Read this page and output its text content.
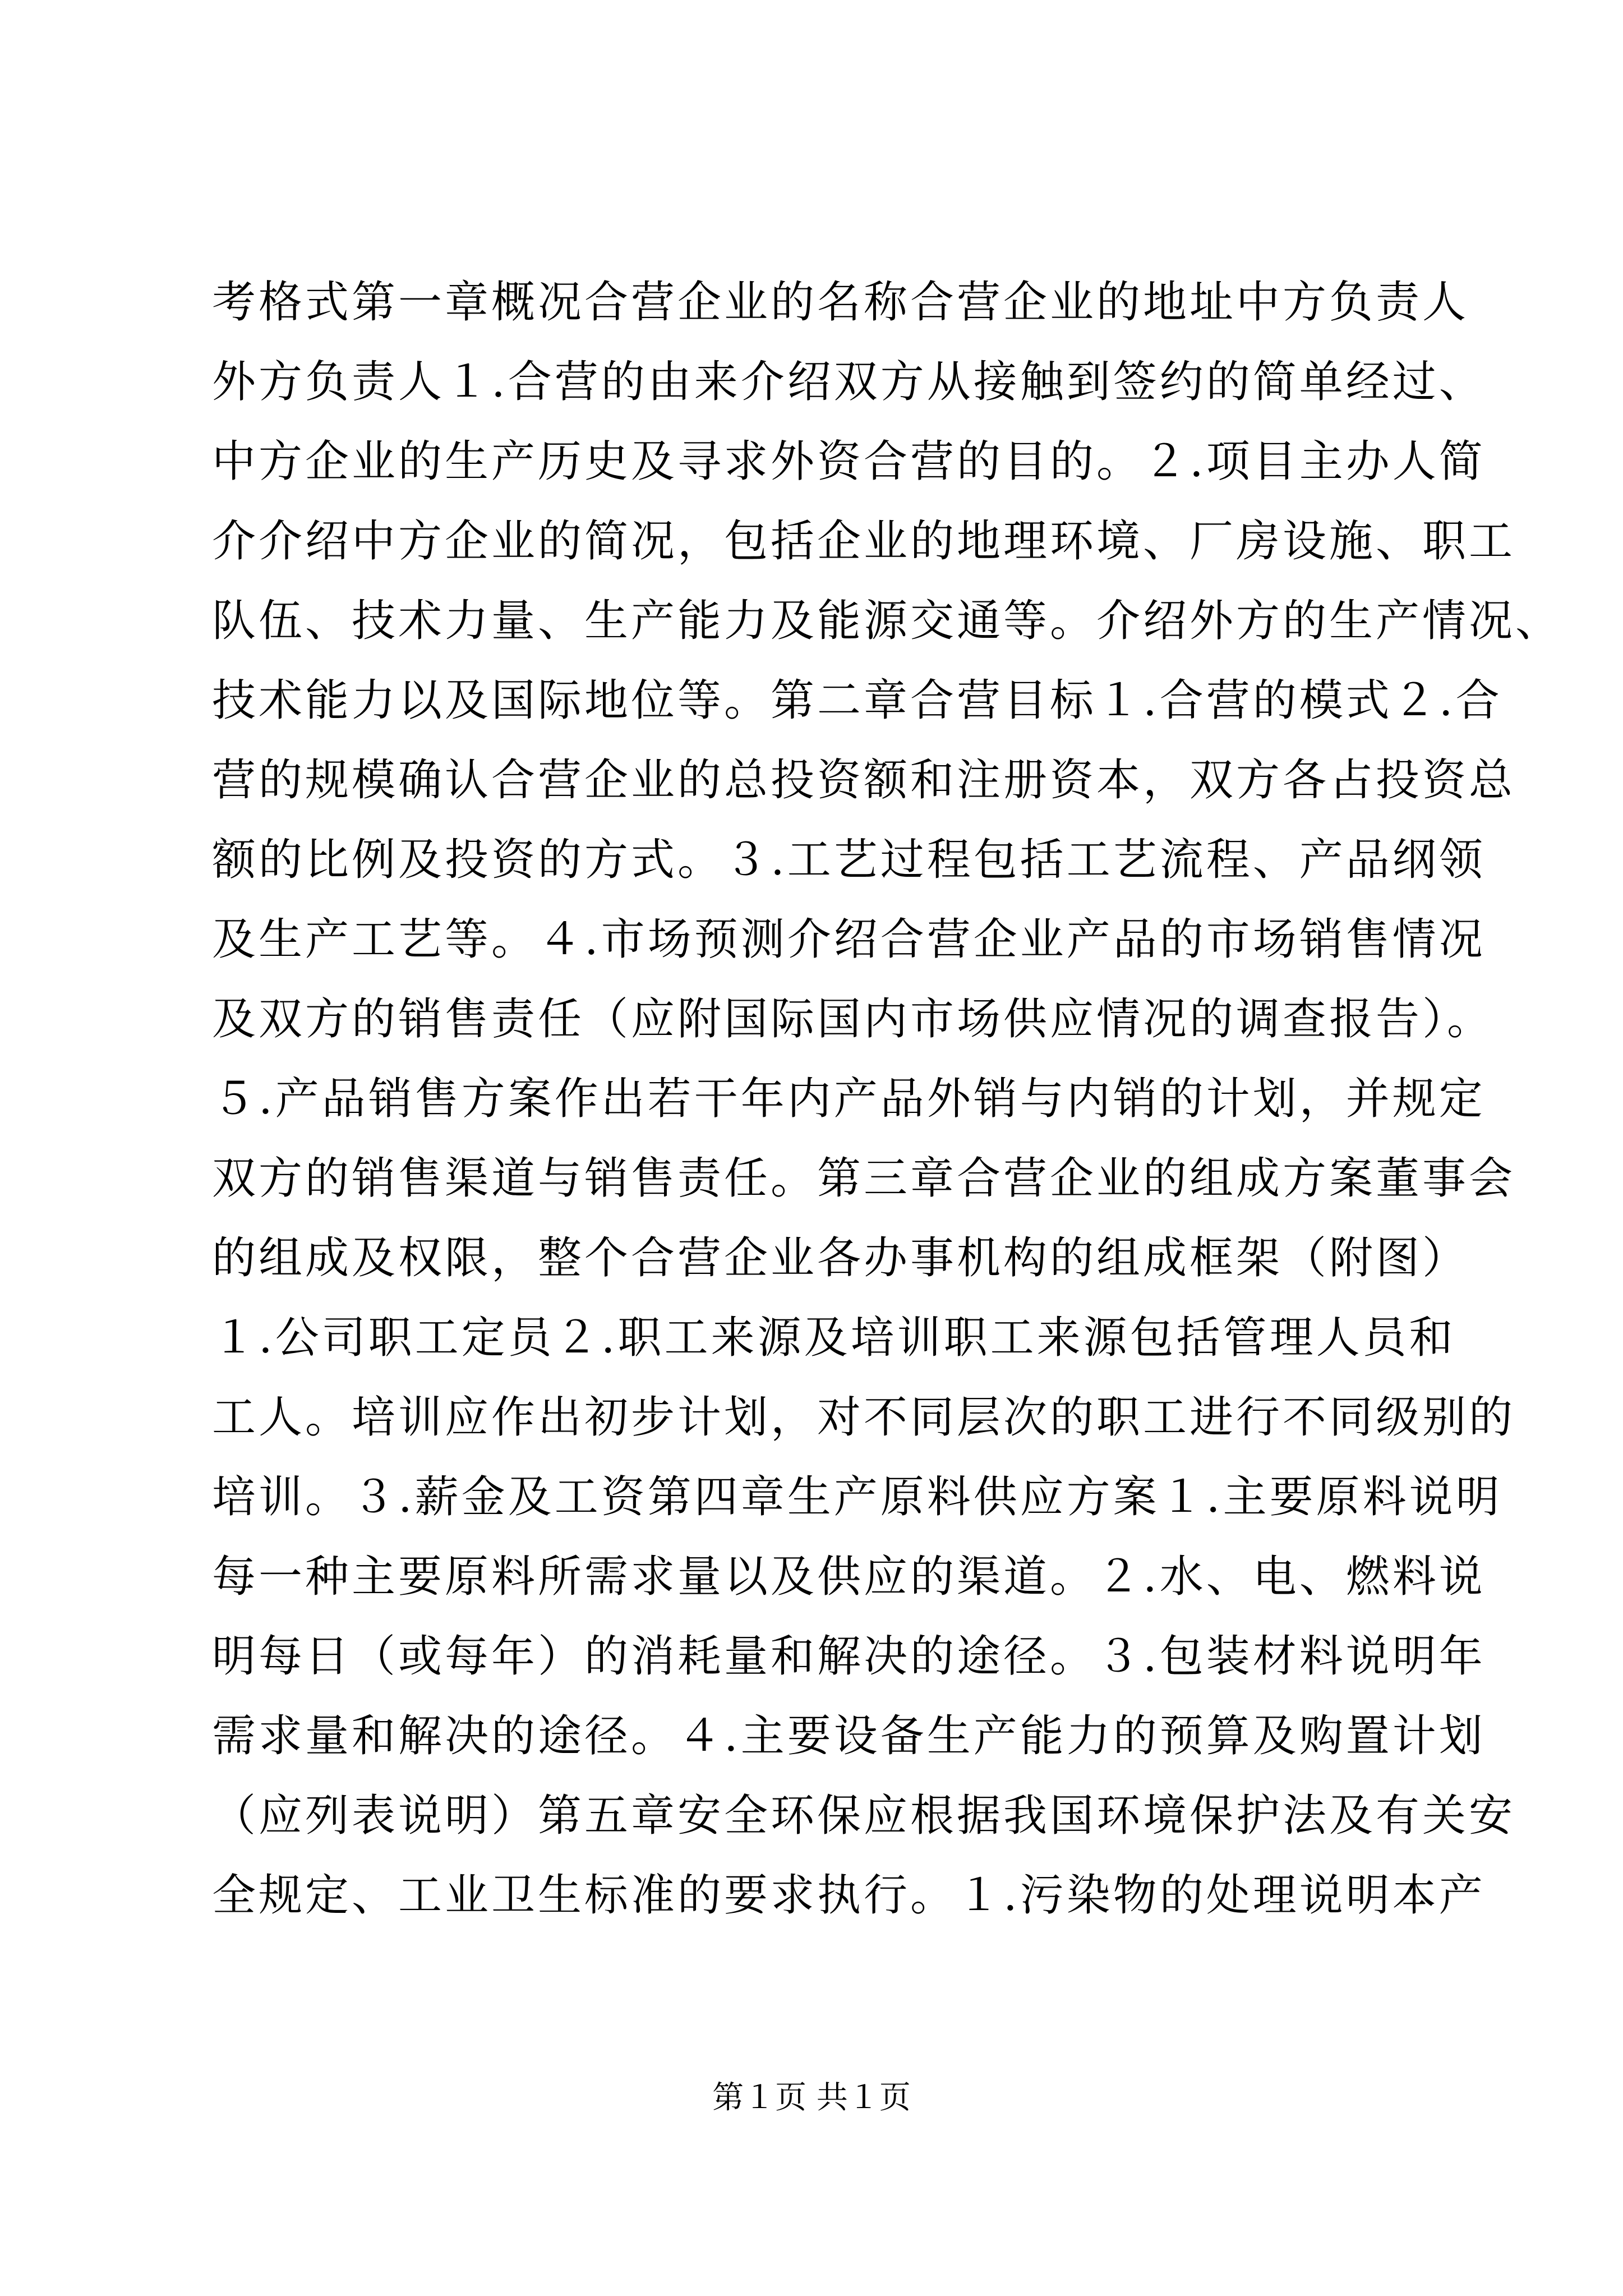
考格式第一章概况合营企业的名称合营企业的地址中方负责人
外方负责人１.合营的由来介绍双方从接触到签约的简单经过、
中方企业的生产历史及寻求外资合营的目的。２.项目主办人简
介介绍中方企业的简况，包括企业的地理环境、厂房设施、职工
队伍、技术力量、生产能力及能源交通等。介绍外方的生产情况、
技术能力以及国际地位等。第二章合营目标１.合营的模式２.合
营的规模确认合营企业的总投资额和注册资本，双方各占投资总
额的比例及投资的方式。３.工艺过程包括工艺流程、产品纲领
及生产工艺等。４.市场预测介绍合营企业产品的市场销售情况
及双方的销售责任（应附国际国内市场供应情况的调查报告）。
５.产品销售方案作出若干年内产品外销与内销的计划，并规定
双方的销售渠道与销售责任。第三章合营企业的组成方案董事会
的组成及权限，整个合营企业各办事机构的组成框架（附图）
１.公司职工定员２.职工来源及培训职工来源包括管理人员和
工人。培训应作出初步计划，对不同层次的职工进行不同级别的
培训。３.薪金及工资第四章生产原料供应方案１.主要原料说明
每一种主要原料所需求量以及供应的渠道。２.水、电、燃料说
明每日（或每年）的消耗量和解决的途径。３.包装材料说明年
需求量和解决的途径。４.主要设备生产能力的预算及购置计划
（应列表说明）第五章安全环保应根据我国环境保护法及有关安
全规定、工业卫生标准的要求执行。１.污染物的处理说明本产
第１页 共１页
